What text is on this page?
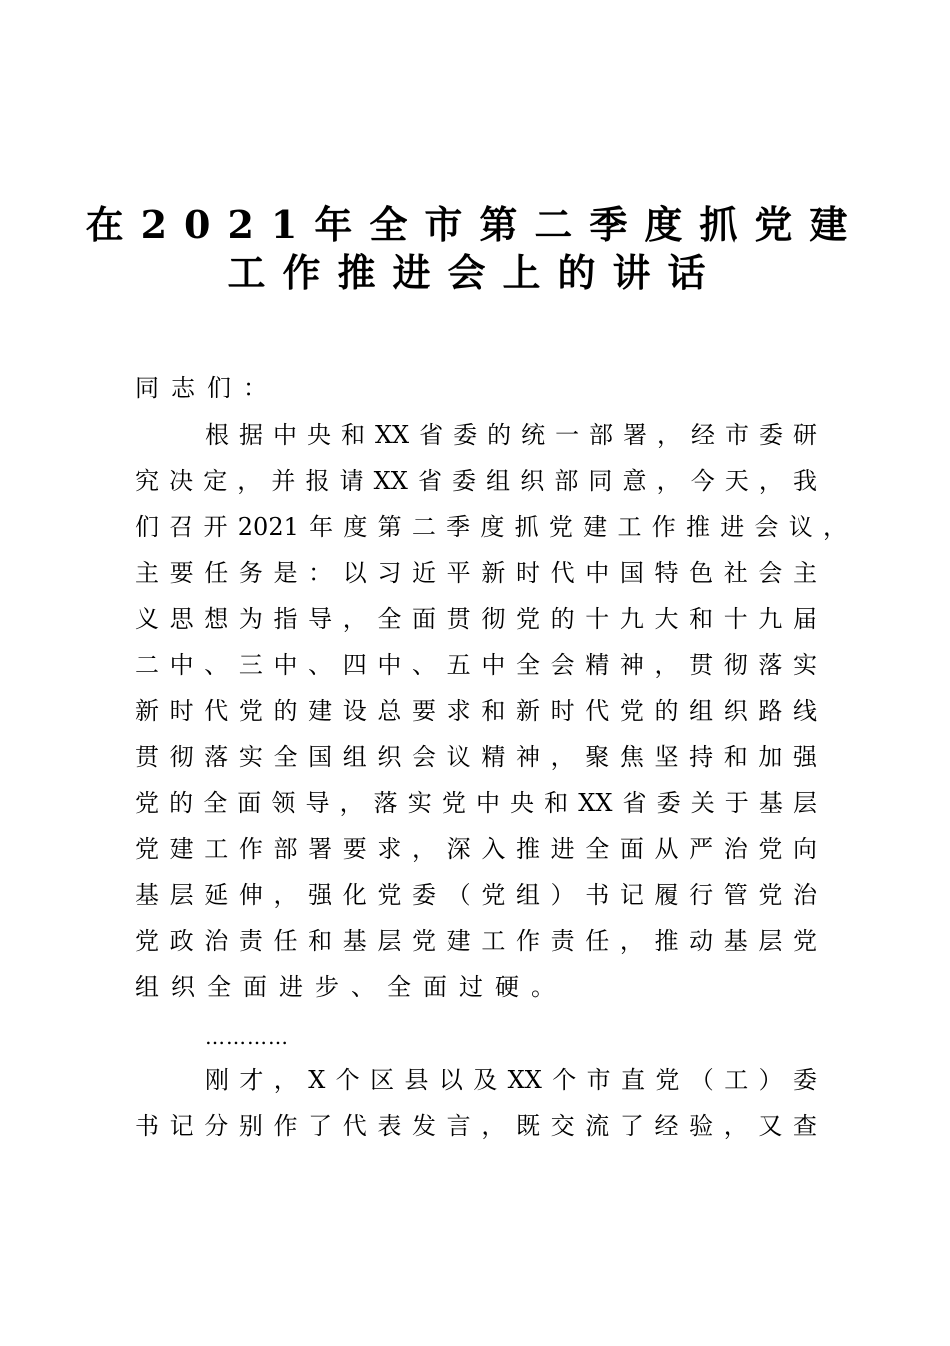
在2021年全市第二季度抓党建
工作推进会上的讲话
同志们：
根据中央和XX省委的统一部署，经市委研
究决定，并报请XX省委组织部同意，今天，我
们召开2021年度第二季度抓党建工作推进会议，
主要任务是：以习近平新时代中国特色社会主
义思想为指导，全面贯彻党的十九大和十九届
二中、三中、四中、五中全会精神，贯彻落实
新时代党的建设总要求和新时代党的组织路线
贯彻落实全国组织会议精神，聚焦坚持和加强
党的全面领导，落实党中央和XX省委关于基层
党建工作部署要求，深入推进全面从严治党向
基层延伸，强化党委（党组）书记履行管党治
党政治责任和基层党建工作责任，推动基层党
组织全面进步、全面过硬。
…………
刚才，X个区县以及XX个市直党（工）委
书记分别作了代表发言，既交流了经验，又查
